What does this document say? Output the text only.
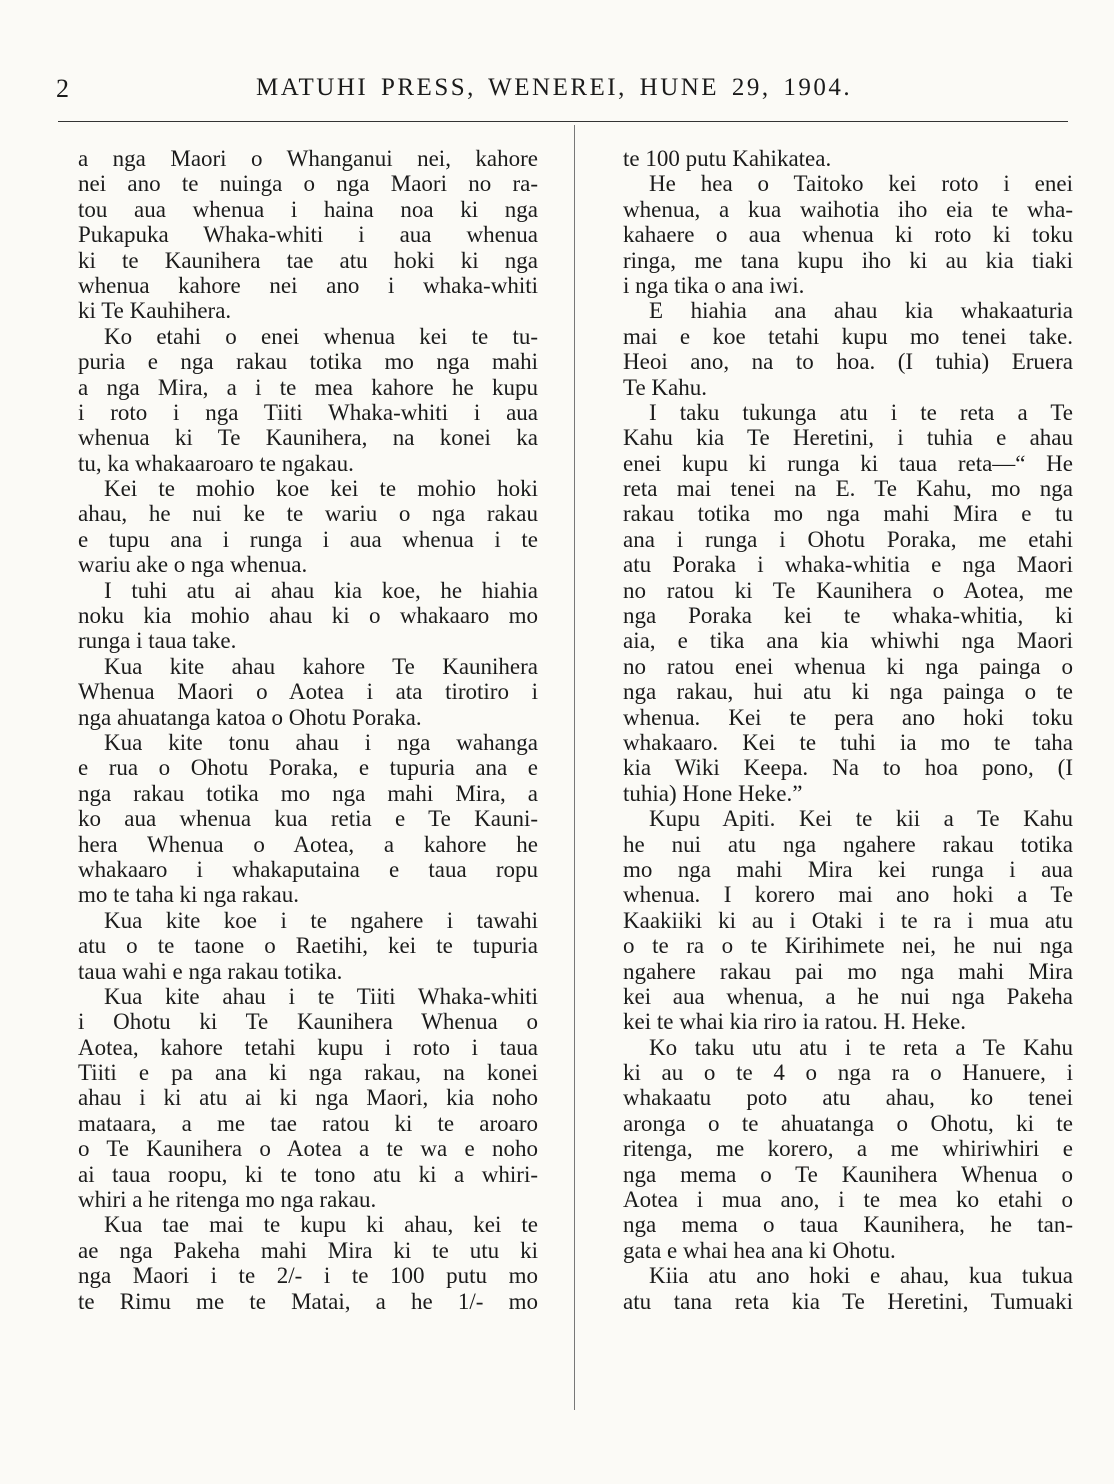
2	MATUHI PRESS, WENEREI, HUNE 29, 1904.
a nga Maori o Whanganui nei, kahore
nei ano te nuinga o nga Maori no ra-
tou aua whenua i haina noa ki nga
Pukapuka Whaka-whiti i aua whenua
ki te Kaunihera tae atu hoki ki nga
whenua kahore nei ano i whaka-whiti
ki Te Kauhihera.
Ko etahi o enei whenua kei te tu-
puria e nga rakau totika mo nga mahi
a nga Mira, a i te mea kahore he kupu
i roto i nga Tiiti Whaka-whiti i aua
whenua ki Te Kaunihera, na konei ka
tu, ka whakaaroaro te ngakau.
Kei te mohio koe kei te mohio hoki
ahau, he nui ke te wariu o nga rakau
e tupu ana i runga i aua whenua i te
wariu ake o nga whenua.
I tuhi atu ai ahau kia koe, he hiahia
noku kia mohio ahau ki o whakaaro mo
runga i taua take.
Kua kite ahau kahore Te Kaunihera
Whenua Maori o Aotea i ata tirotiro i
nga ahuatanga katoa o Ohotu Poraka.
Kua kite tonu ahau i nga wahanga
e rua o Ohotu Poraka, e tupuria ana e
nga rakau totika mo nga mahi Mira, a
ko aua whenua kua retia e Te Kauni-
hera Whenua o Aotea, a kahore he
whakaaro i whakaputaina e taua ropu
mo te taha ki nga rakau.
Kua kite koe i te ngahere i tawahi
atu o te taone o Raetihi, kei te tupuria
taua wahi e nga rakau totika.
Kua kite ahau i te Tiiti Whaka-whiti
i Ohotu ki Te Kaunihera Whenua o
Aotea, kahore tetahi kupu i roto i taua
Tiiti e pa ana ki nga rakau, na konei
ahau i ki atu ai ki nga Maori, kia noho
mataara, a me tae ratou ki te aroaro
o Te Kaunihera o Aotea a te wa e noho
ai taua roopu, ki te tono atu ki a whiri-
whiri a he ritenga mo nga rakau.
Kua tae mai te kupu ki ahau, kei te
ae nga Pakeha mahi Mira ki te utu ki
nga Maori i te 2/- i te 100 putu mo
te Rimu me te Matai, a he 1/- mo
te 100 putu Kahikatea.
He hea o Taitoko kei roto i enei
whenua, a kua waihotia iho eia te wha-
kahaere o aua whenua ki roto ki toku
ringa, me tana kupu iho ki au kia tiaki
i nga tika o ana iwi.
E hiahia ana ahau kia whakaaturia
mai e koe tetahi kupu mo tenei take.
Heoi ano, na to hoa. (I tuhia) Eruera
Te Kahu.
I taku tukunga atu i te reta a Te
Kahu kia Te Heretini, i tuhia e ahau
enei kupu ki runga ki taua reta—“ He
reta mai tenei na E. Te Kahu, mo nga
rakau totika mo nga mahi Mira e tu
ana i runga i Ohotu Poraka, me etahi
atu Poraka i whaka-whitia e nga Maori
no ratou ki Te Kaunihera o Aotea, me
nga Poraka kei te whaka-whitia, ki
aia, e tika ana kia whiwhi nga Maori
no ratou enei whenua ki nga painga o
nga rakau, hui atu ki nga painga o te
whenua. Kei te pera ano hoki toku
whakaaro. Kei te tuhi ia mo te taha
kia Wiki Keepa. Na to hoa pono, (I
tuhia) Hone Heke.”
Kupu Apiti. Kei te kii a Te Kahu
he nui atu nga ngahere rakau totika
mo nga mahi Mira kei runga i aua
whenua. I korero mai ano hoki a Te
Kaakiiki ki au i Otaki i te ra i mua atu
o te ra o te Kirihimete nei, he nui nga
ngahere rakau pai mo nga mahi Mira
kei aua whenua, a he nui nga Pakeha
kei te whai kia riro ia ratou. H. Heke.
Ko taku utu atu i te reta a Te Kahu
ki au o te 4 o nga ra o Hanuere, i
whakaatu poto atu ahau, ko tenei
aronga o te ahuatanga o Ohotu, ki te
ritenga, me korero, a me whiriwhiri e
nga mema o Te Kaunihera Whenua o
Aotea i mua ano, i te mea ko etahi o
nga mema o taua Kaunihera, he tan-
gata e whai hea ana ki Ohotu.
Kiia atu ano hoki e ahau, kua tukua
atu tana reta kia Te Heretini, Tumuaki
